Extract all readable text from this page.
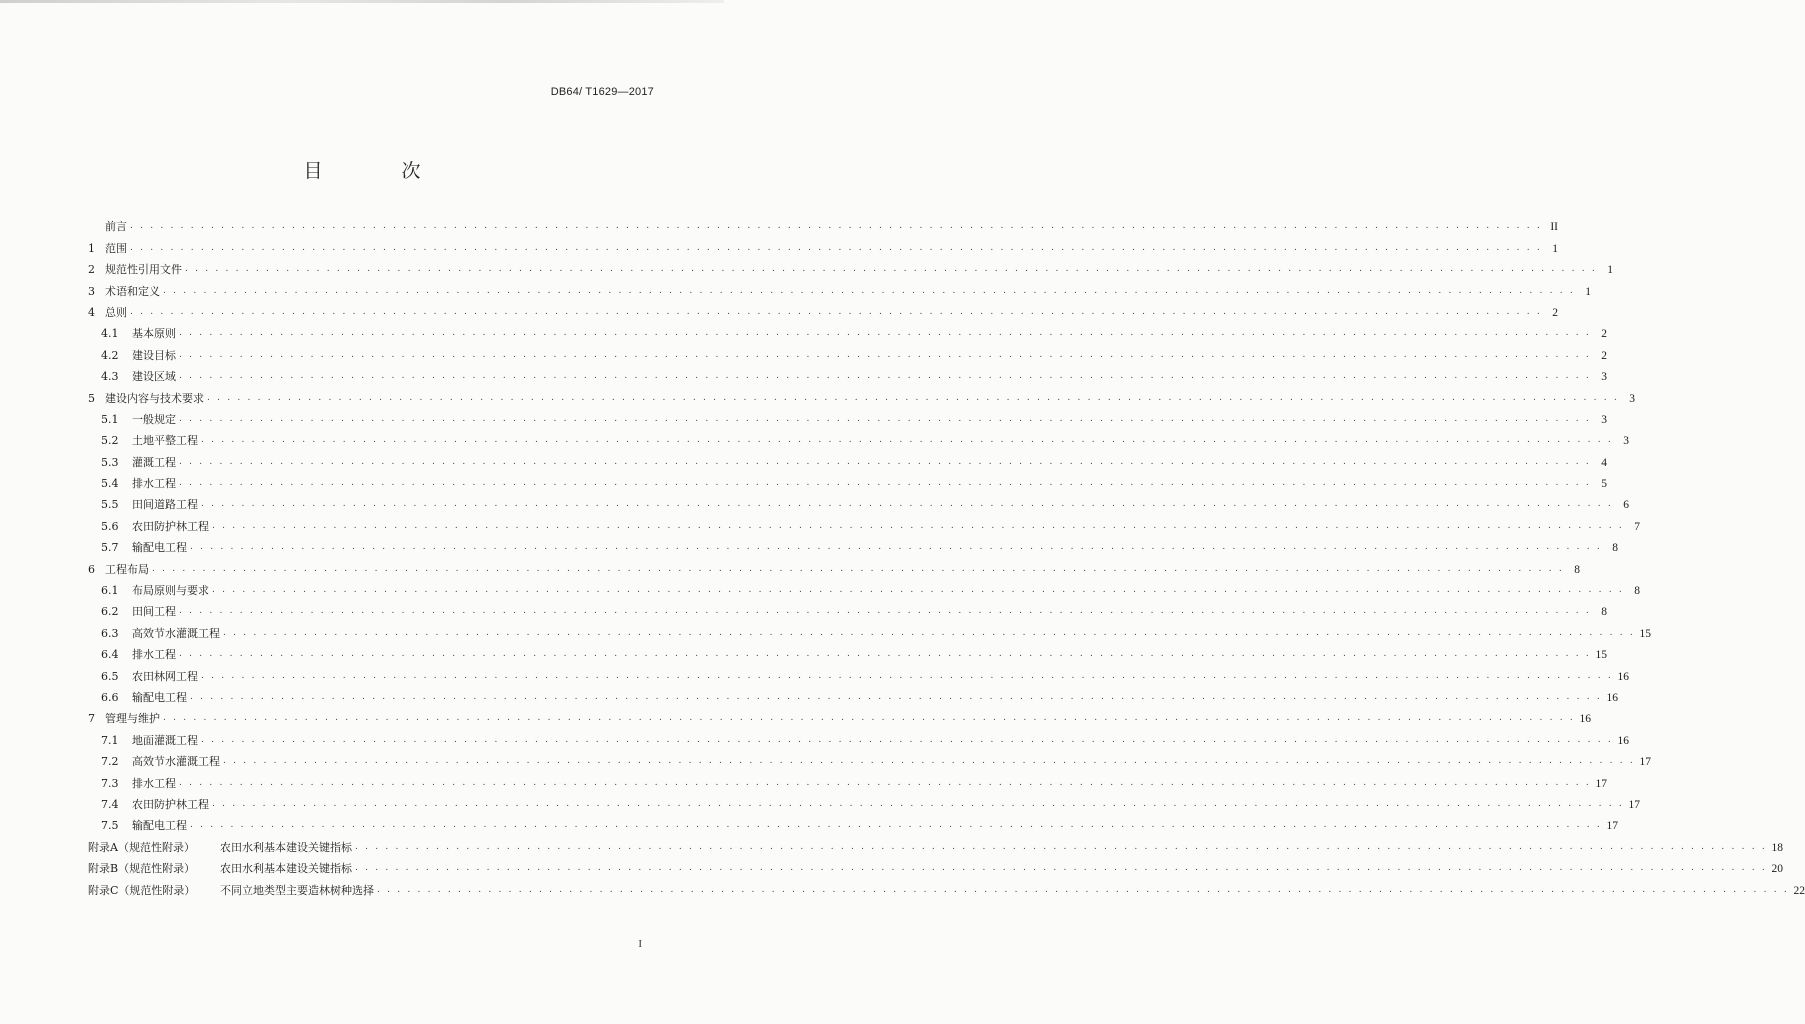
DB64/ T1629—2017
目　次
前言 . . . . . . . . . . . . . . . . . . . . . . . . . . . . . . . . . . . . . . . . . . . . . . . . . . . . . . . . . . . . . . . . . . . . . . . . . . . . . . . . . . . . . . . . . . . . . . . . . . . . . . . . . . . . . . . . . . . . . . . . . . . . . . . . . . . . . . . . . . . . II
1 范围 . . . . . . . . . . . . . . . . . . . . . . . . . . . . . . . . . . . . . . . . . . . . . . . . . . . . . . . . . . . . . . . . . . . . . . . . . . . . . . . . . . . . . . . . . . . . . . . . . . . . . . . . . . . . . . . . . . . . . . . . . . . . . . . . . . . . . . . . . . . . 1
2 规范性引用文件 . . . . . . . . . . . . . . . . . . . . . . . . . . . . . . . . . . . . . . . . . . . . . . . . . . . . . . . . . . . . . . . . . . . . . . . . . . . . . . . . . . . . . . . . . . . . . . . . . . . . . . . . . . . . . . . . . . . . . . . . . . . . . . . . . . . . . . . . . . . . 1
3 术语和定义 . . . . . . . . . . . . . . . . . . . . . . . . . . . . . . . . . . . . . . . . . . . . . . . . . . . . . . . . . . . . . . . . . . . . . . . . . . . . . . . . . . . . . . . . . . . . . . . . . . . . . . . . . . . . . . . . . . . . . . . . . . . . . . . . . . . . . . . . . . . . 1
4 总则 . . . . . . . . . . . . . . . . . . . . . . . . . . . . . . . . . . . . . . . . . . . . . . . . . . . . . . . . . . . . . . . . . . . . . . . . . . . . . . . . . . . . . . . . . . . . . . . . . . . . . . . . . . . . . . . . . . . . . . . . . . . . . . . . . . . . . . . . . . . . 2
4.1	基本原则 . . . . . . . . . . . . . . . . . . . . . . . . . . . . . . . . . . . . . . . . . . . . . . . . . . . . . . . . . . . . . . . . . . . . . . . . . . . . . . . . . . . . . . . . . . . . . . . . . . . . . . . . . . . . . . . . . . . . . . . . . . . . . . . . . . . . . . . . . . . . 2
4.2	建设目标 . . . . . . . . . . . . . . . . . . . . . . . . . . . . . . . . . . . . . . . . . . . . . . . . . . . . . . . . . . . . . . . . . . . . . . . . . . . . . . . . . . . . . . . . . . . . . . . . . . . . . . . . . . . . . . . . . . . . . . . . . . . . . . . . . . . . . . . . . . . . 2
4.3	建设区域 . . . . . . . . . . . . . . . . . . . . . . . . . . . . . . . . . . . . . . . . . . . . . . . . . . . . . . . . . . . . . . . . . . . . . . . . . . . . . . . . . . . . . . . . . . . . . . . . . . . . . . . . . . . . . . . . . . . . . . . . . . . . . . . . . . . . . . . . . . . . 3
5 建设内容与技术要求 . . . . . . . . . . . . . . . . . . . . . . . . . . . . . . . . . . . . . . . . . . . . . . . . . . . . . . . . . . . . . . . . . . . . . . . . . . . . . . . . . . . . . . . . . . . . . . . . . . . . . . . . . . . . . . . . . . . . . . . . . . . . . . . . . . . . . . . . . . . . 3
5.1	一般规定 . . . . . . . . . . . . . . . . . . . . . . . . . . . . . . . . . . . . . . . . . . . . . . . . . . . . . . . . . . . . . . . . . . . . . . . . . . . . . . . . . . . . . . . . . . . . . . . . . . . . . . . . . . . . . . . . . . . . . . . . . . . . . . . . . . . . . . . . . . . . 3
5.2	土地平整工程 . . . . . . . . . . . . . . . . . . . . . . . . . . . . . . . . . . . . . . . . . . . . . . . . . . . . . . . . . . . . . . . . . . . . . . . . . . . . . . . . . . . . . . . . . . . . . . . . . . . . . . . . . . . . . . . . . . . . . . . . . . . . . . . . . . . . . . . . . . . . 3
5.3	灌溉工程 . . . . . . . . . . . . . . . . . . . . . . . . . . . . . . . . . . . . . . . . . . . . . . . . . . . . . . . . . . . . . . . . . . . . . . . . . . . . . . . . . . . . . . . . . . . . . . . . . . . . . . . . . . . . . . . . . . . . . . . . . . . . . . . . . . . . . . . . . . . . 4
5.4	排水工程 . . . . . . . . . . . . . . . . . . . . . . . . . . . . . . . . . . . . . . . . . . . . . . . . . . . . . . . . . . . . . . . . . . . . . . . . . . . . . . . . . . . . . . . . . . . . . . . . . . . . . . . . . . . . . . . . . . . . . . . . . . . . . . . . . . . . . . . . . . . . 5
5.5	田间道路工程 . . . . . . . . . . . . . . . . . . . . . . . . . . . . . . . . . . . . . . . . . . . . . . . . . . . . . . . . . . . . . . . . . . . . . . . . . . . . . . . . . . . . . . . . . . . . . . . . . . . . . . . . . . . . . . . . . . . . . . . . . . . . . . . . . . . . . . . . . . . . 6
5.6	农田防护林工程 . . . . . . . . . . . . . . . . . . . . . . . . . . . . . . . . . . . . . . . . . . . . . . . . . . . . . . . . . . . . . . . . . . . . . . . . . . . . . . . . . . . . . . . . . . . . . . . . . . . . . . . . . . . . . . . . . . . . . . . . . . . . . . . . . . . . . . . . . . . . 7
5.7	输配电工程 . . . . . . . . . . . . . . . . . . . . . . . . . . . . . . . . . . . . . . . . . . . . . . . . . . . . . . . . . . . . . . . . . . . . . . . . . . . . . . . . . . . . . . . . . . . . . . . . . . . . . . . . . . . . . . . . . . . . . . . . . . . . . . . . . . . . . . . . . . . . 8
6 工程布局 . . . . . . . . . . . . . . . . . . . . . . . . . . . . . . . . . . . . . . . . . . . . . . . . . . . . . . . . . . . . . . . . . . . . . . . . . . . . . . . . . . . . . . . . . . . . . . . . . . . . . . . . . . . . . . . . . . . . . . . . . . . . . . . . . . . . . . . . . . . . 8
6.1	布局原则与要求 . . . . . . . . . . . . . . . . . . . . . . . . . . . . . . . . . . . . . . . . . . . . . . . . . . . . . . . . . . . . . . . . . . . . . . . . . . . . . . . . . . . . . . . . . . . . . . . . . . . . . . . . . . . . . . . . . . . . . . . . . . . . . . . . . . . . . . . . . . . . 8
6.2	田间工程 . . . . . . . . . . . . . . . . . . . . . . . . . . . . . . . . . . . . . . . . . . . . . . . . . . . . . . . . . . . . . . . . . . . . . . . . . . . . . . . . . . . . . . . . . . . . . . . . . . . . . . . . . . . . . . . . . . . . . . . . . . . . . . . . . . . . . . . . . . . . 8
6.3	高效节水灌溉工程 . . . . . . . . . . . . . . . . . . . . . . . . . . . . . . . . . . . . . . . . . . . . . . . . . . . . . . . . . . . . . . . . . . . . . . . . . . . . . . . . . . . . . . . . . . . . . . . . . . . . . . . . . . . . . . . . . . . . . . . . . . . . . . . . . . . . . . . . . . . . 15
6.4	排水工程 . . . . . . . . . . . . . . . . . . . . . . . . . . . . . . . . . . . . . . . . . . . . . . . . . . . . . . . . . . . . . . . . . . . . . . . . . . . . . . . . . . . . . . . . . . . . . . . . . . . . . . . . . . . . . . . . . . . . . . . . . . . . . . . . . . . . . . . . . . . . 15
6.5	农田林网工程 . . . . . . . . . . . . . . . . . . . . . . . . . . . . . . . . . . . . . . . . . . . . . . . . . . . . . . . . . . . . . . . . . . . . . . . . . . . . . . . . . . . . . . . . . . . . . . . . . . . . . . . . . . . . . . . . . . . . . . . . . . . . . . . . . . . . . . . . . . . . 16
6.6	输配电工程 . . . . . . . . . . . . . . . . . . . . . . . . . . . . . . . . . . . . . . . . . . . . . . . . . . . . . . . . . . . . . . . . . . . . . . . . . . . . . . . . . . . . . . . . . . . . . . . . . . . . . . . . . . . . . . . . . . . . . . . . . . . . . . . . . . . . . . . . . . . . 16
7 管理与维护 . . . . . . . . . . . . . . . . . . . . . . . . . . . . . . . . . . . . . . . . . . . . . . . . . . . . . . . . . . . . . . . . . . . . . . . . . . . . . . . . . . . . . . . . . . . . . . . . . . . . . . . . . . . . . . . . . . . . . . . . . . . . . . . . . . . . . . . . . . . . 16
7.1	地面灌溉工程 . . . . . . . . . . . . . . . . . . . . . . . . . . . . . . . . . . . . . . . . . . . . . . . . . . . . . . . . . . . . . . . . . . . . . . . . . . . . . . . . . . . . . . . . . . . . . . . . . . . . . . . . . . . . . . . . . . . . . . . . . . . . . . . . . . . . . . . . . . . . 16
7.2	高效节水灌溉工程 . . . . . . . . . . . . . . . . . . . . . . . . . . . . . . . . . . . . . . . . . . . . . . . . . . . . . . . . . . . . . . . . . . . . . . . . . . . . . . . . . . . . . . . . . . . . . . . . . . . . . . . . . . . . . . . . . . . . . . . . . . . . . . . . . . . . . . . . . . . . 17
7.3	排水工程 . . . . . . . . . . . . . . . . . . . . . . . . . . . . . . . . . . . . . . . . . . . . . . . . . . . . . . . . . . . . . . . . . . . . . . . . . . . . . . . . . . . . . . . . . . . . . . . . . . . . . . . . . . . . . . . . . . . . . . . . . . . . . . . . . . . . . . . . . . . . 17
7.4	农田防护林工程 . . . . . . . . . . . . . . . . . . . . . . . . . . . . . . . . . . . . . . . . . . . . . . . . . . . . . . . . . . . . . . . . . . . . . . . . . . . . . . . . . . . . . . . . . . . . . . . . . . . . . . . . . . . . . . . . . . . . . . . . . . . . . . . . . . . . . . . . . . . . 17
7.5	输配电工程 . . . . . . . . . . . . . . . . . . . . . . . . . . . . . . . . . . . . . . . . . . . . . . . . . . . . . . . . . . . . . . . . . . . . . . . . . . . . . . . . . . . . . . . . . . . . . . . . . . . . . . . . . . . . . . . . . . . . . . . . . . . . . . . . . . . . . . . . . . . . 17
附录A（规范性附录）	农田水利基本建设关键指标 . . . . . . . . . . . . . . . . . . . . . . . . . . . . . . . . . . . . . . . . . . . . . . . . . . . . . . . . . . . . . . . . . . . . . . . . . . . . . . . . . . . . . . . . . . . . . . . . . . . . . . . . . . . . . . . . . . . . . . . . . . . . . . . . . . . . . . . . . . . . 18
附录B（规范性附录）	农田水利基本建设关键指标 . . . . . . . . . . . . . . . . . . . . . . . . . . . . . . . . . . . . . . . . . . . . . . . . . . . . . . . . . . . . . . . . . . . . . . . . . . . . . . . . . . . . . . . . . . . . . . . . . . . . . . . . . . . . . . . . . . . . . . . . . . . . . . . . . . . . . . . . . . . . 20
附录C（规范性附录）	不同立地类型主要造林树种选择 . . . . . . . . . . . . . . . . . . . . . . . . . . . . . . . . . . . . . . . . . . . . . . . . . . . . . . . . . . . . . . . . . . . . . . . . . . . . . . . . . . . . . . . . . . . . . . . . . . . . . . . . . . . . . . . . . . . . . . . . . . . . . . . . . . . . . . . . . . . . 22
I
